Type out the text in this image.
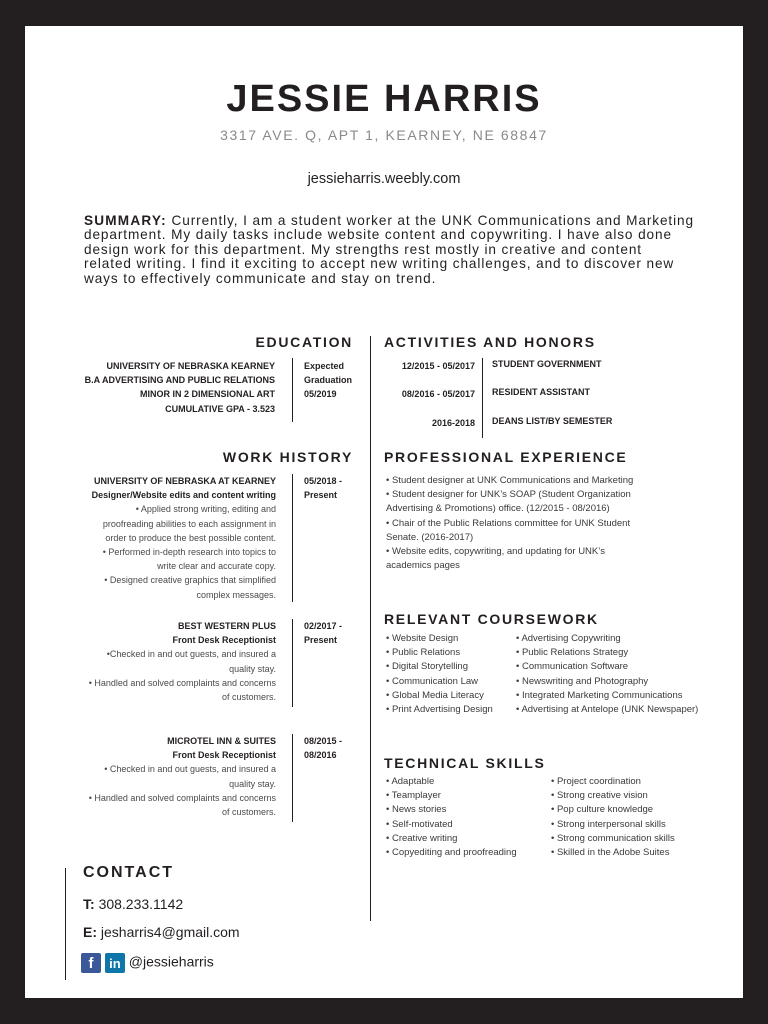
JESSIE HARRIS
3317 AVE. Q, APT 1, KEARNEY, NE 68847
jessieharris.weebly.com
SUMMARY: Currently, I am a student worker at the UNK Communications and Marketing department. My daily tasks include website content and copywriting. I have also done design work for this department. My strengths rest mostly in creative and content related writing. I find it exciting to accept new writing challenges, and to discover new ways to effectively communicate and stay on trend.
EDUCATION
UNIVERSITY OF NEBRASKA KEARNEY
B.A ADVERTISING AND PUBLIC RELATIONS
MINOR IN 2 DIMENSIONAL ART
CUMULATIVE GPA - 3.523
Expected
Graduation
05/2019
ACTIVITIES AND HONORS
12/2015 - 05/2017 STUDENT GOVERNMENT
08/2016 - 05/2017 RESIDENT ASSISTANT
2016-2018 DEANS LIST/BY SEMESTER
WORK HISTORY
UNIVERSITY OF NEBRASKA AT KEARNEY
Designer/Website edits and content writing
• Applied strong writing, editing and
proofreading abilities to each assignment in
order to produce the best possible content.
• Performed in-depth research into topics to
write clear and accurate copy.
• Designed creative graphics that simplified
complex messages.
05/2018 -
Present
BEST WESTERN PLUS
Front Desk Receptionist
•Checked in and out guests, and insured a
quality stay.
• Handled and solved complaints and concerns
of customers.
02/2017 -
Present
MICROTEL INN & SUITES
Front Desk Receptionist
• Checked in and out guests, and insured a
quality stay.
• Handled and solved complaints and concerns
of customers.
08/2015 -
08/2016
PROFESSIONAL EXPERIENCE
• Student designer at UNK Communications and Marketing
• Student designer for UNK’s SOAP (Student Organization
Advertising & Promotions) office. (12/2015 - 08/2016)
• Chair of the Public Relations committee for UNK Student
Senate. (2016-2017)
• Website edits, copywriting, and updating for UNK’s
academics pages
RELEVANT COURSEWORK
• Website Design
• Public Relations
• Digital Storytelling
• Communication Law
• Global Media Literacy
• Print Advertising Design
• Advertising Copywriting
• Public Relations Strategy
• Communication Software
• Newswriting and Photography
• Integrated Marketing Communications
• Advertising at Antelope (UNK Newspaper)
TECHNICAL SKILLS
• Adaptable
• Teamplayer
• News stories
• Self-motivated
• Creative writing
• Copyediting and proofreading
• Project coordination
• Strong creative vision
• Pop culture knowledge
• Strong interpersonal skills
• Strong communication skills
• Skilled in the Adobe Suites
CONTACT
T: 308.233.1142
E: jesharris4@gmail.com
f in @jessieharris
